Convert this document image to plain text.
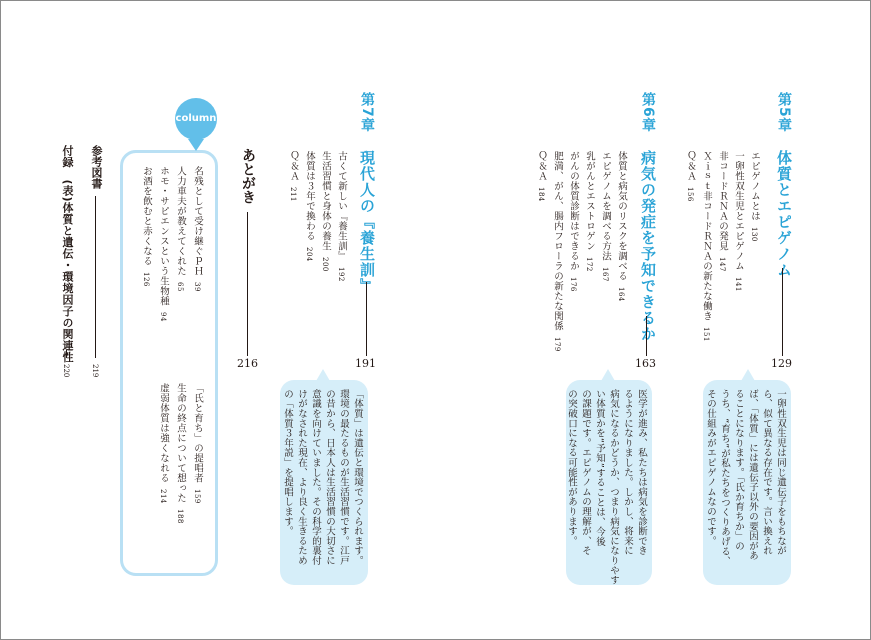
第5章
体質とエピゲノム
エピゲノムとは130
一卵性双生児とエピゲノム141
非コードＲＮＡの発見147
Ｘｉｓｔ非コードＲＮＡの新たな働き151
Ｑ＆Ａ156
129
一卵性双生児は同じ遺伝子をもちなが
ら、似て異なる存在です。言い換えれ
ば、「体質」には遺伝子以外の要因があ
ることになります。「氏か育ちか」の
うち、“育ち”が私たちをつくりあげる、
その仕組みがエピゲノムなのです。
第6章
病気の発症を予知できるか
体質と病気のリスクを調べる164
エピゲノムを調べる方法167
乳がんとエストロゲン172
がんの体質診断はできるか176
肥満、がん、腸内フローラの新たな関係179
Ｑ＆Ａ184
163
医学が進み、私たちは病気を診断でき
るようになりました。しかし、将来に
病気になるかどうか、つまり病気になりやす
い体質かを“予知”することは、今後
の課題です。エピゲノムの理解が、そ
の突破口になる可能性があります。
第7章
現代人の『養生訓』
古くて新しい『養生訓』192
生活習慣と身体の養生200
体質は３年で換わる204
Ｑ＆Ａ211
191
「体質」は遺伝と環境でつくられます。
環境の最たるものが生活習慣です。江戸
の昔から、日本人は生活習慣の大切さに
意識を向けていました。その科学的裏付
けがなされた現在、より良く生きるため
の「体質３年説」を提唱します。
あとがき
216
column
名残として受け継ぐｐＨ39
人力車夫が教えてくれた65
ホモ・サピエンスという生物種94
お酒を飲むと赤くなる126
「氏と育ち」の提唱者159
生命の終点について想った188
虚弱体質は強くなれる214
参考図書
219
付録　(表)体質と遺伝・環境因子の関連性
220
